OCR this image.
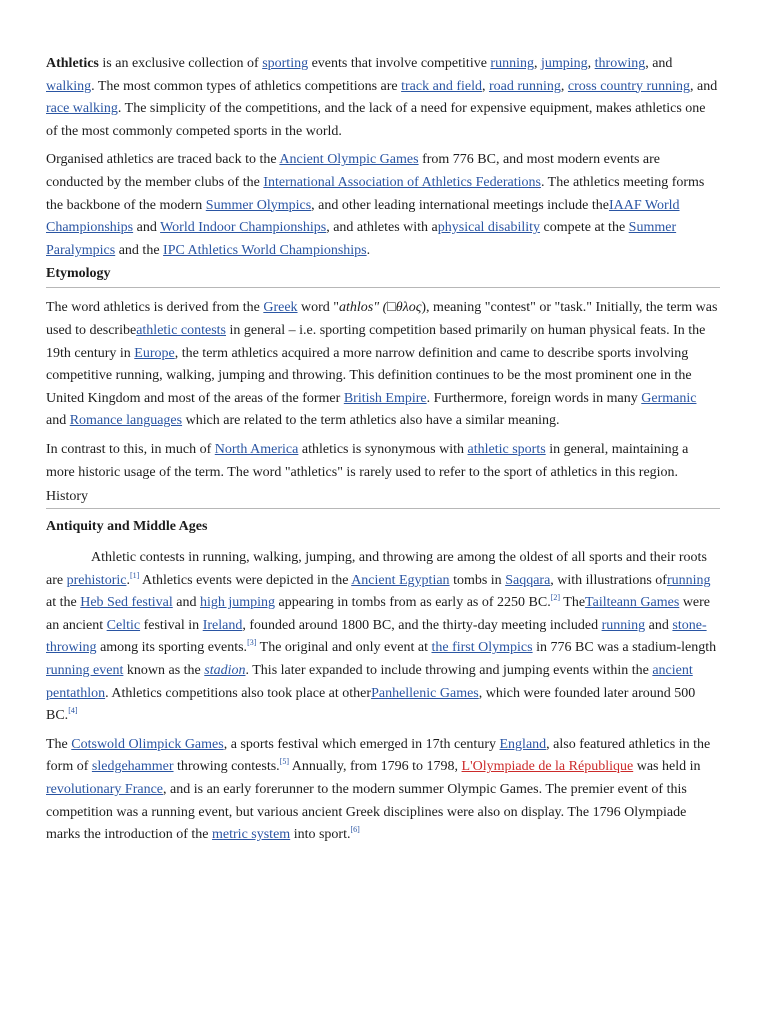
Athletics is an exclusive collection of sporting events that involve competitive running, jumping, throwing, and walking. The most common types of athletics competitions are track and field, road running, cross country running, and race walking. The simplicity of the competitions, and the lack of a need for expensive equipment, makes athletics one of the most commonly competed sports in the world.

Organised athletics are traced back to the Ancient Olympic Games from 776 BC, and most modern events are conducted by the member clubs of the International Association of Athletics Federations. The athletics meeting forms the backbone of the modern Summer Olympics, and other leading international meetings include theIAAF World Championships and World Indoor Championships, and athletes with aphysical disability compete at the Summer Paralympics and the IPC Athletics World Championships.

Etymology

The word athletics is derived from the Greek word "athlos" (□θλος), meaning "contest" or "task." Initially, the term was used to describeathletic contests in general – i.e. sporting competition based primarily on human physical feats. In the 19th century in Europe, the term athletics acquired a more narrow definition and came to describe sports involving competitive running, walking, jumping and throwing. This definition continues to be the most prominent one in the United Kingdom and most of the areas of the former British Empire. Furthermore, foreign words in many Germanic and Romance languages which are related to the term athletics also have a similar meaning.

In contrast to this, in much of North America athletics is synonymous with athletic sports in general, maintaining a more historic usage of the term. The word "athletics" is rarely used to refer to the sport of athletics in this region.

History

Antiquity and Middle Ages

Athletic contests in running, walking, jumping, and throwing are among the oldest of all sports and their roots are prehistoric.[1] Athletics events were depicted in the Ancient Egyptian tombs in Saqqara, with illustrations ofrunning at the Heb Sed festival and high jumping appearing in tombs from as early as of 2250 BC.[2] TheTailteann Games were an ancient Celtic festival in Ireland, founded around 1800 BC, and the thirty-day meeting included running and stone-throwing among its sporting events.[3] The original and only event at the first Olympics in 776 BC was a stadium-length running event known as the stadion. This later expanded to include throwing and jumping events within the ancient pentathlon. Athletics competitions also took place at otherPanhellenic Games, which were founded later around 500 BC.[4]

The Cotswold Olimpick Games, a sports festival which emerged in 17th century England, also featured athletics in the form of sledgehammer throwing contests.[5] Annually, from 1796 to 1798, L'Olympiade de la République was held in revolutionary France, and is an early forerunner to the modern summer Olympic Games. The premier event of this competition was a running event, but various ancient Greek disciplines were also on display. The 1796 Olympiade marks the introduction of the metric system into sport.[6]
